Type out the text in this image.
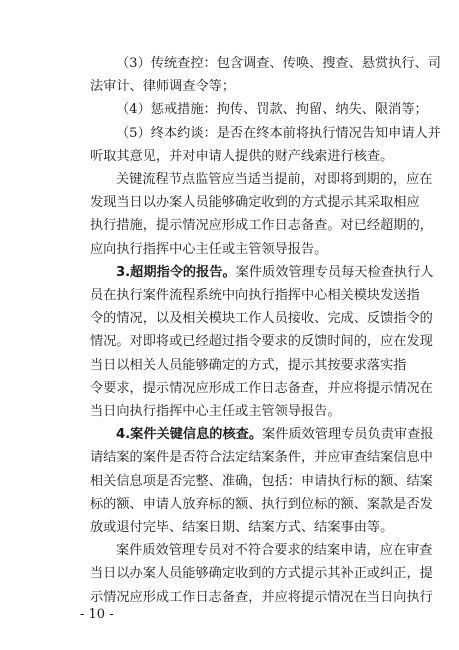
（3）传统查控：包含调查、传唤、搜查、悬赏执行、司
法审计、律师调查令等；
（4）惩戒措施：拘传、罚款、拘留、纳失、限消等；
（5）终本约谈：是否在终本前将执行情况告知申请人并
听取其意见，并对申请人提供的财产线索进行核查。
关键流程节点监管应当适当提前，对即将到期的，应在
发现当日以办案人员能够确定收到的方式提示其采取相应
执行措施，提示情况应形成工作日志备查。对已经超期的，
应向执行指挥中心主任或主管领导报告。
3.超期指令的报告。案件质效管理专员每天检查执行人
员在执行案件流程系统中向执行指挥中心相关模块发送指
令的情况，以及相关模块工作人员接收、完成、反馈指令的
情况。对即将或已经超过指令要求的反馈时间的，应在发现
当日以相关人员能够确定的方式，提示其按要求落实指
令要求，提示情况应形成工作日志备查，并应将提示情况在
当日向执行指挥中心主任或主管领导报告。
4.案件关键信息的核查。案件质效管理专员负责审查报
请结案的案件是否符合法定结案条件，并应审查结案信息中
相关信息项是否完整、准确，包括：申请执行标的额、结案
标的额、申请人放弃标的额、执行到位标的额、案款是否发
放或退付完毕、结案日期、结案方式、结案事由等。
案件质效管理专员对不符合要求的结案申请，应在审查
当日以办案人员能够确定收到的方式提示其补正或纠正，提
示情况应形成工作日志备查，并应将提示情况在当日向执行
- 10 -
